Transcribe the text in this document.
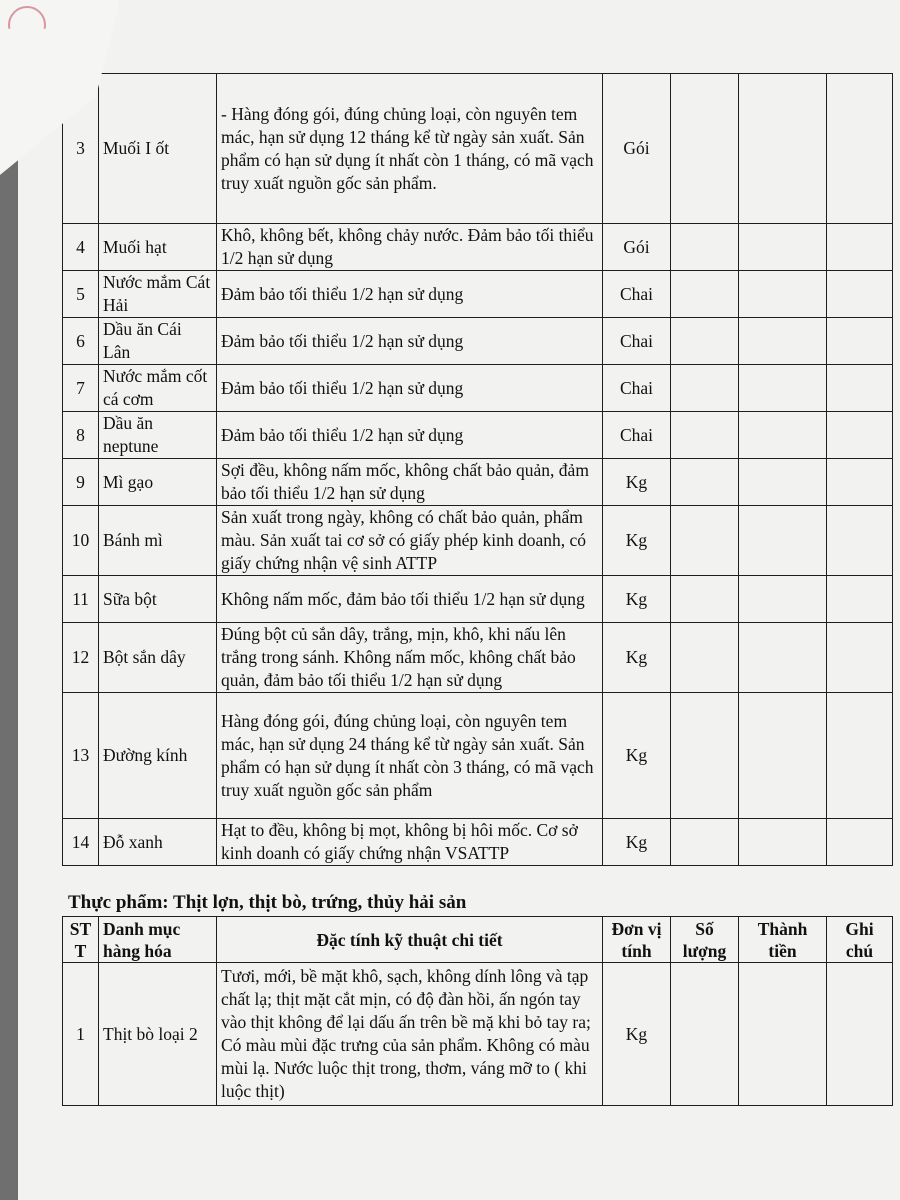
3	Muối I ốt	- Hàng đóng gói, đúng chủng loại, còn nguyên tem mác, hạn sử dụng 12 tháng kể từ ngày sản xuất. Sản phẩm có hạn sử dụng ít nhất còn 1 tháng, có mã vạch truy xuất nguồn gốc sản phẩm.	Gói			
4	Muối hạt	Khô, không bết, không chảy nước. Đảm bảo tối thiểu 1/2 hạn sử dụng	Gói			
5	Nước mắm Cát Hải	Đảm bảo tối thiểu 1/2 hạn sử dụng	Chai			
6	Dầu ăn Cái Lân	Đảm bảo tối thiểu 1/2 hạn sử dụng	Chai			
7	Nước mắm cốt cá cơm	Đảm bảo tối thiểu 1/2 hạn sử dụng	Chai			
8	Dầu ăn neptune	Đảm bảo tối thiểu 1/2 hạn sử dụng	Chai			
9	Mì gạo	Sợi đều, không nấm mốc, không chất bảo quản, đảm bảo tối thiểu 1/2 hạn sử dụng	Kg			
10	Bánh mì	Sản xuất trong ngày, không có chất bảo quản, phẩm màu. Sản xuất tai cơ sở có giấy phép kinh doanh, có giấy chứng nhận vệ sinh ATTP	Kg			
11	Sữa bột	Không nấm mốc, đảm bảo tối thiểu 1/2 hạn sử dụng	Kg			
12	Bột sắn dây	Đúng bột củ sắn dây, trắng, mịn, khô, khi nấu lên trắng trong sánh. Không nấm mốc, không chất bảo quản, đảm bảo tối thiểu 1/2 hạn sử dụng	Kg			
13	Đường kính	Hàng đóng gói, đúng chủng loại, còn nguyên tem mác, hạn sử dụng 24 tháng kể từ ngày sản xuất. Sản phẩm có hạn sử dụng ít nhất còn 3 tháng, có mã vạch truy xuất nguồn gốc sản phẩm	Kg			
14	Đỗ xanh	Hạt to đều, không bị mọt, không bị hôi mốc. Cơ sở kinh doanh có giấy chứng nhận VSATTP	Kg			
Thực phẩm: Thịt lợn, thịt bò, trứng, thủy hải sản
ST T	Danh mục hàng hóa	Đặc tính kỹ thuật chi tiết	Đơn vị tính	Số lượng	Thành tiền	Ghi chú
1	Thịt bò loại 2	Tươi, mới, bề mặt khô, sạch, không dính lông và tạp chất lạ; thịt mặt cắt mịn, có độ đàn hồi, ấn ngón tay vào thịt không để lại dấu ấn trên bề mặ khi bỏ tay ra; Có màu mùi đặc trưng của sản phẩm. Không có màu mùi lạ. Nước luộc thịt trong, thơm, váng mỡ to ( khi luộc thịt)	Kg			
